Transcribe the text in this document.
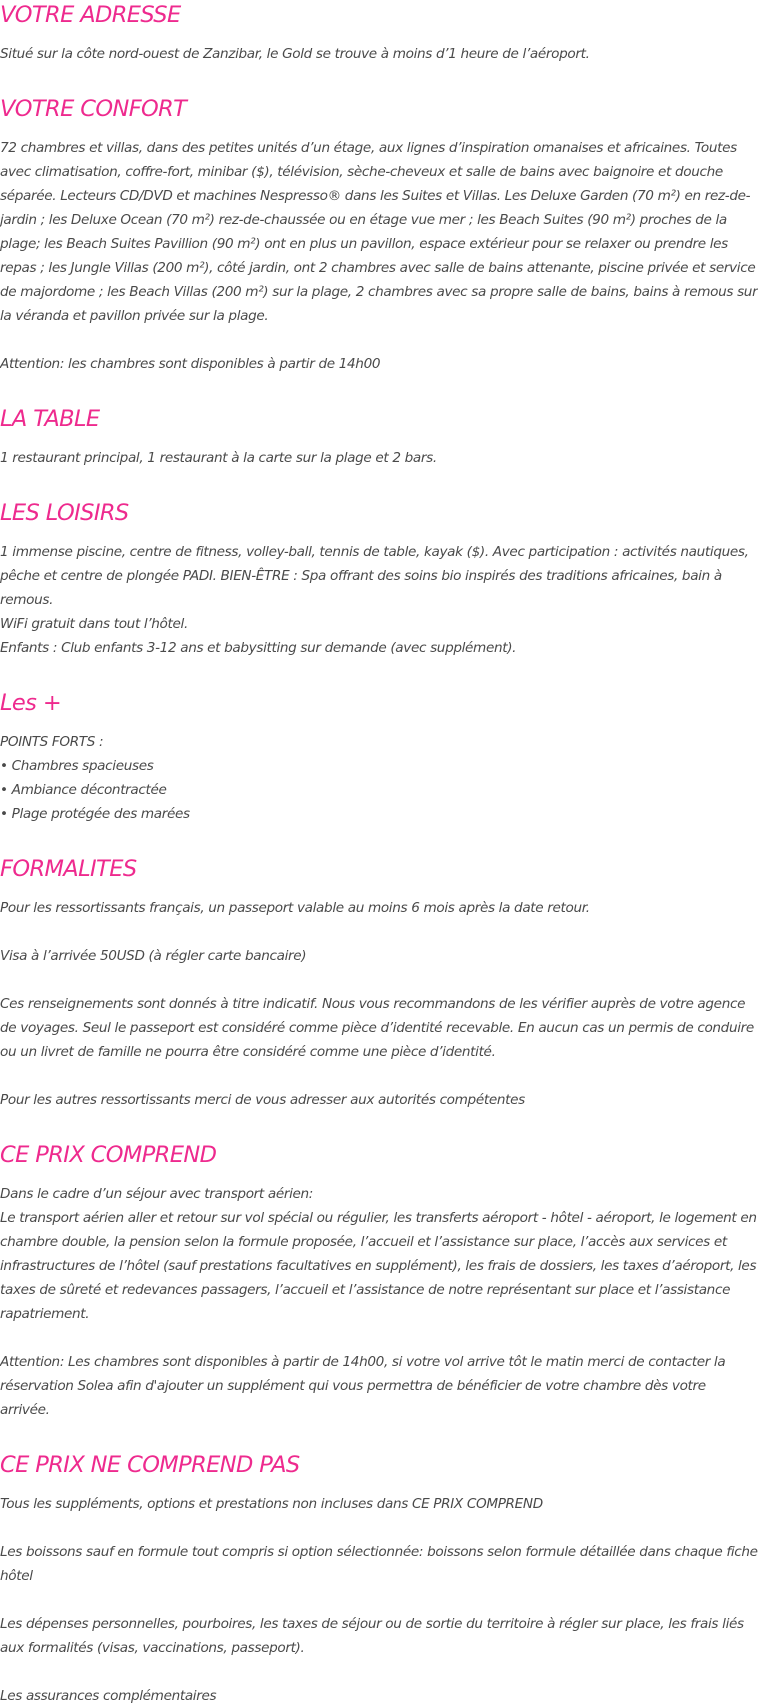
VOTRE ADRESSE
Situé sur la côte nord-ouest de Zanzibar, le Gold se trouve à moins d’1 heure de l’aéroport.
VOTRE CONFORT
72 chambres et villas, dans des petites unités d’un étage, aux lignes d’inspiration omanaises et africaines. Toutes avec climatisation, coffre-fort, minibar ($), télévision, sèche-cheveux et salle de bains avec baignoire et douche séparée. Lecteurs CD/DVD et machines Nespresso® dans les Suites et Villas. Les Deluxe Garden (70 m²) en rez-de-jardin ; les Deluxe Ocean (70 m²) rez-de-chaussée ou en étage vue mer ; les Beach Suites (90 m²) proches de la plage; les Beach Suites Pavillion (90 m²) ont en plus un pavillon, espace extérieur pour se relaxer ou prendre les repas ; les Jungle Villas (200 m²), côté jardin, ont 2 chambres avec salle de bains attenante, piscine privée et service de majordome ; les Beach Villas (200 m²) sur la plage, 2 chambres avec sa propre salle de bains, bains à remous sur la véranda et pavillon privée sur la plage.
Attention: les chambres sont disponibles à partir de 14h00
LA TABLE
1 restaurant principal, 1 restaurant à la carte sur la plage et 2 bars.
LES LOISIRS
1 immense piscine, centre de fitness, volley-ball, tennis de table, kayak ($). Avec participation : activités nautiques, pêche et centre de plongée PADI. BIEN-ÊTRE : Spa offrant des soins bio inspirés des traditions africaines, bain à remous.
WiFi gratuit dans tout l’hôtel.
Enfants : Club enfants 3-12 ans et babysitting sur demande (avec supplément).
Les +
POINTS FORTS :
• Chambres spacieuses
• Ambiance décontractée
• Plage protégée des marées
FORMALITES
Pour les ressortissants français, un passeport valable au moins 6 mois après la date retour.
Visa à l’arrivée 50USD (à régler carte bancaire)
Ces renseignements sont donnés à titre indicatif. Nous vous recommandons de les vérifier auprès de votre agence de voyages. Seul le passeport est considéré comme pièce d’identité recevable. En aucun cas un permis de conduire ou un livret de famille ne pourra être considéré comme une pièce d’identité.
Pour les autres ressortissants merci de vous adresser aux autorités compétentes
CE PRIX COMPREND
Dans le cadre d’un séjour avec transport aérien:
Le transport aérien aller et retour sur vol spécial ou régulier, les transferts aéroport - hôtel - aéroport, le logement en chambre double, la pension selon la formule proposée, l’accueil et l’assistance sur place, l’accès aux services et infrastructures de l’hôtel (sauf prestations facultatives en supplément), les frais de dossiers, les taxes d’aéroport, les taxes de sûreté et redevances passagers, l’accueil et l’assistance de notre représentant sur place et l’assistance rapatriement.
Attention: Les chambres sont disponibles à partir de 14h00, si votre vol arrive tôt le matin merci de contacter la réservation Solea afin d'ajouter un supplément qui vous permettra de bénéficier de votre chambre dès votre arrivée.
CE PRIX NE COMPREND PAS
Tous les suppléments, options et prestations non incluses dans CE PRIX COMPREND
Les boissons sauf en formule tout compris si option sélectionnée: boissons selon formule détaillée dans chaque fiche hôtel
Les dépenses personnelles, pourboires, les taxes de séjour ou de sortie du territoire à régler sur place, les frais liés aux formalités (visas, vaccinations, passeport).
Les assurances complémentaires
